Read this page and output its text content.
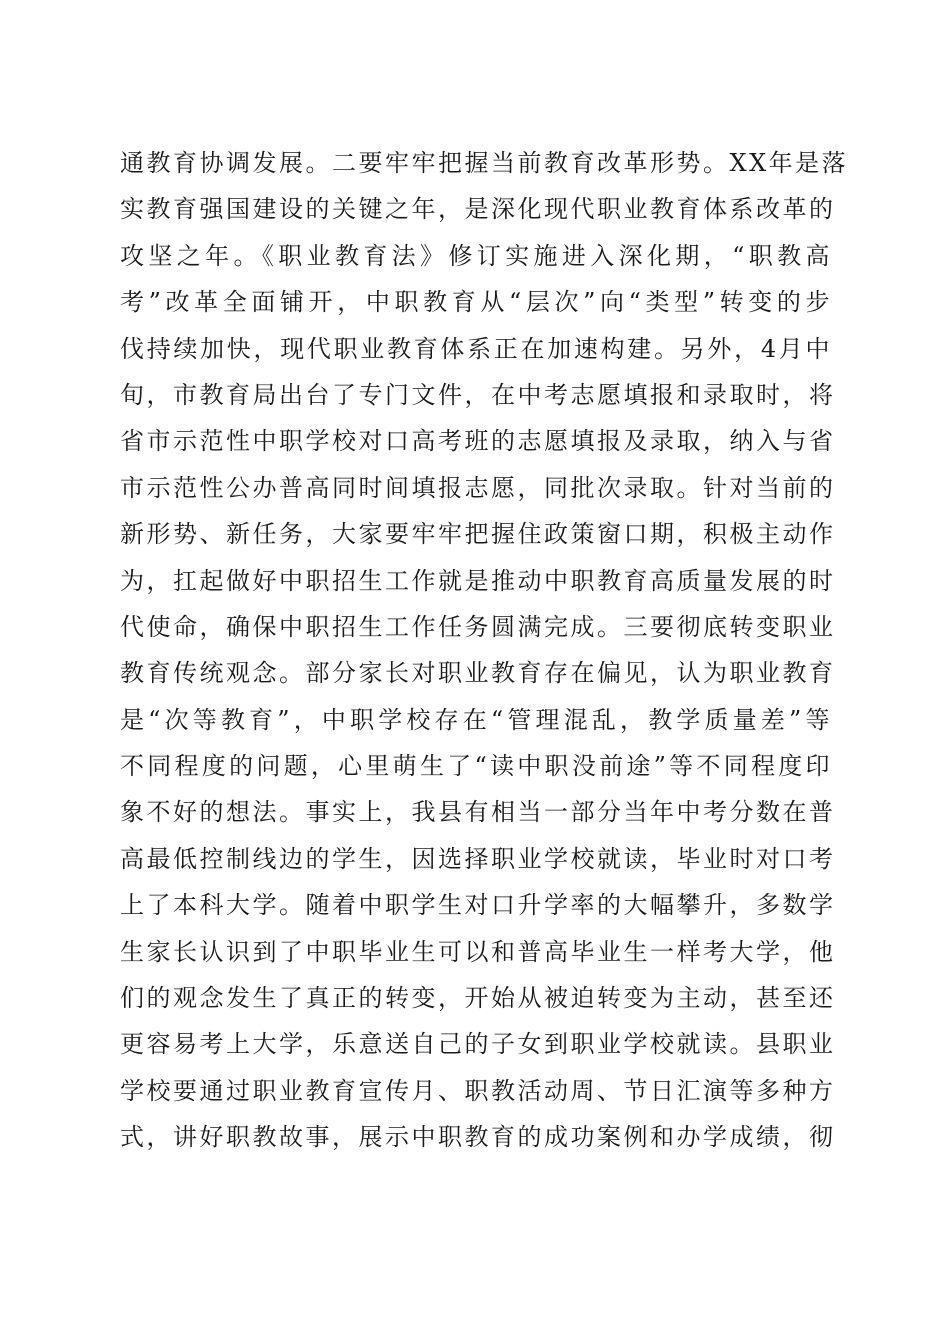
通教育协调发展。二要牢牢把握当前教育改革形势。XX年是落
实教育强国建设的关键之年，是深化现代职业教育体系改革的
攻坚之年。《职业教育法》修订实施进入深化期，“职教高
考”改革全面铺开，中职教育从“层次”向“类型”转变的步
伐持续加快，现代职业教育体系正在加速构建。另外，4月中
旬，市教育局出台了专门文件，在中考志愿填报和录取时，将
省市示范性中职学校对口高考班的志愿填报及录取，纳入与省
市示范性公办普高同时间填报志愿，同批次录取。针对当前的
新形势、新任务，大家要牢牢把握住政策窗口期，积极主动作
为，扛起做好中职招生工作就是推动中职教育高质量发展的时
代使命，确保中职招生工作任务圆满完成。三要彻底转变职业
教育传统观念。部分家长对职业教育存在偏见，认为职业教育
是“次等教育”，中职学校存在“管理混乱，教学质量差”等
不同程度的问题，心里萌生了“读中职没前途”等不同程度印
象不好的想法。事实上，我县有相当一部分当年中考分数在普
高最低控制线边的学生，因选择职业学校就读，毕业时对口考
上了本科大学。随着中职学生对口升学率的大幅攀升，多数学
生家长认识到了中职毕业生可以和普高毕业生一样考大学，他
们的观念发生了真正的转变，开始从被迫转变为主动，甚至还
更容易考上大学，乐意送自己的子女到职业学校就读。县职业
学校要通过职业教育宣传月、职教活动周、节日汇演等多种方
式，讲好职教故事，展示中职教育的成功案例和办学成绩，彻
